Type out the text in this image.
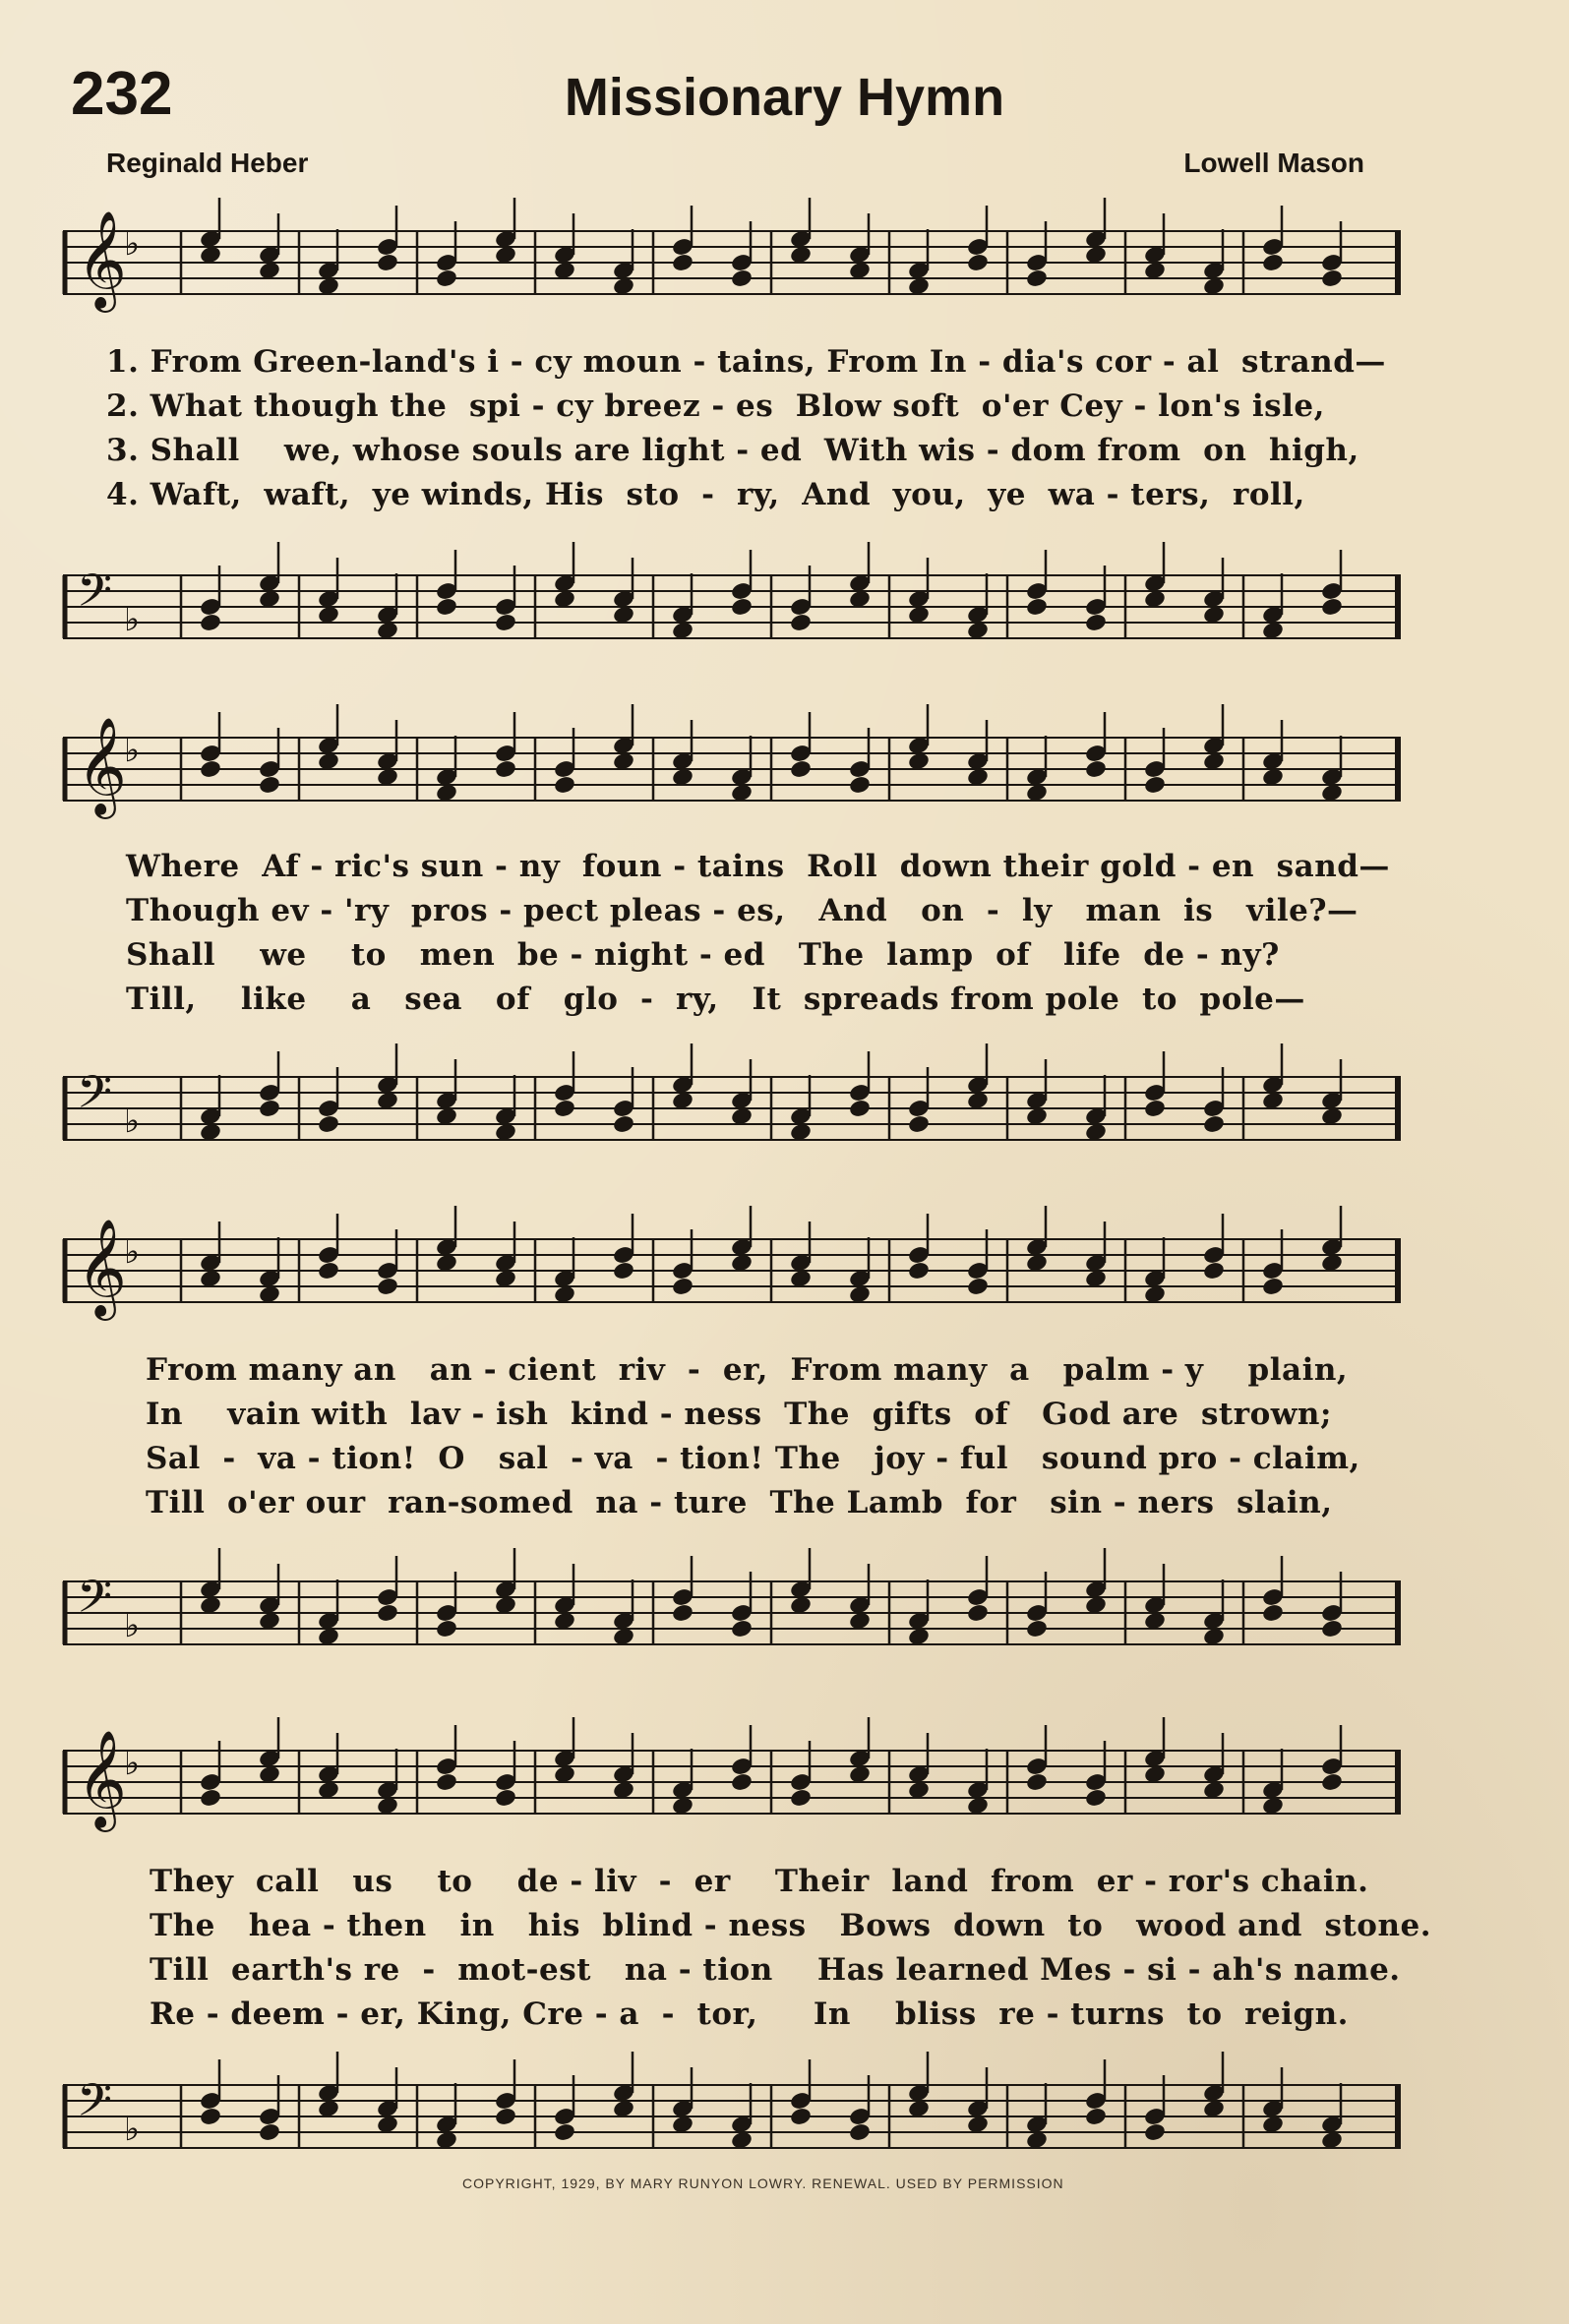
232	Missionary Hymn
Reginald Heber	Lowell Mason
𝄞
♭
1. From Green-land's i - cy moun - tains, From In - dia's cor - al  strand—
2. What though the  spi - cy breez - es  Blow soft  o'er Cey - lon's isle,
3. Shall    we, whose souls are light - ed  With wis - dom from  on  high,
4. Waft,  waft,  ye winds, His  sto  -  ry,  And  you,  ye  wa - ters,  roll,
𝄢 ♭
𝄞
♭
Where  Af - ric's sun - ny  foun - tains  Roll  down their gold - en  sand—
Though ev - 'ry  pros - pect pleas - es,   And   on  -  ly   man  is   vile?—
Shall    we    to   men  be - night - ed   The  lamp  of   life  de - ny?
Till,    like    a   sea   of   glo  -  ry,   It  spreads from pole  to  pole—
𝄢 ♭
𝄞
♭
From many an   an - cient  riv  -  er,  From many  a   palm - y    plain,
In    vain with  lav - ish  kind - ness  The  gifts  of   God are  strown;
Sal  -  va - tion!  O   sal  - va  - tion! The   joy - ful   sound pro - claim,
Till  o'er our  ran-somed  na - ture  The Lamb  for   sin - ners  slain,
𝄢 ♭
𝄞
♭
They  call   us    to    de - liv  -  er    Their  land  from  er - ror's chain.
The   hea - then   in   his  blind - ness   Bows  down  to   wood and  stone.
Till  earth's re  -  mot-est   na - tion    Has learned Mes - si - ah's name.
Re - deem - er, King, Cre - a  -  tor,     In    bliss  re - turns  to  reign.
𝄢 ♭
COPYRIGHT, 1929, BY MARY RUNYON LOWRY. RENEWAL. USED BY PERMISSION
